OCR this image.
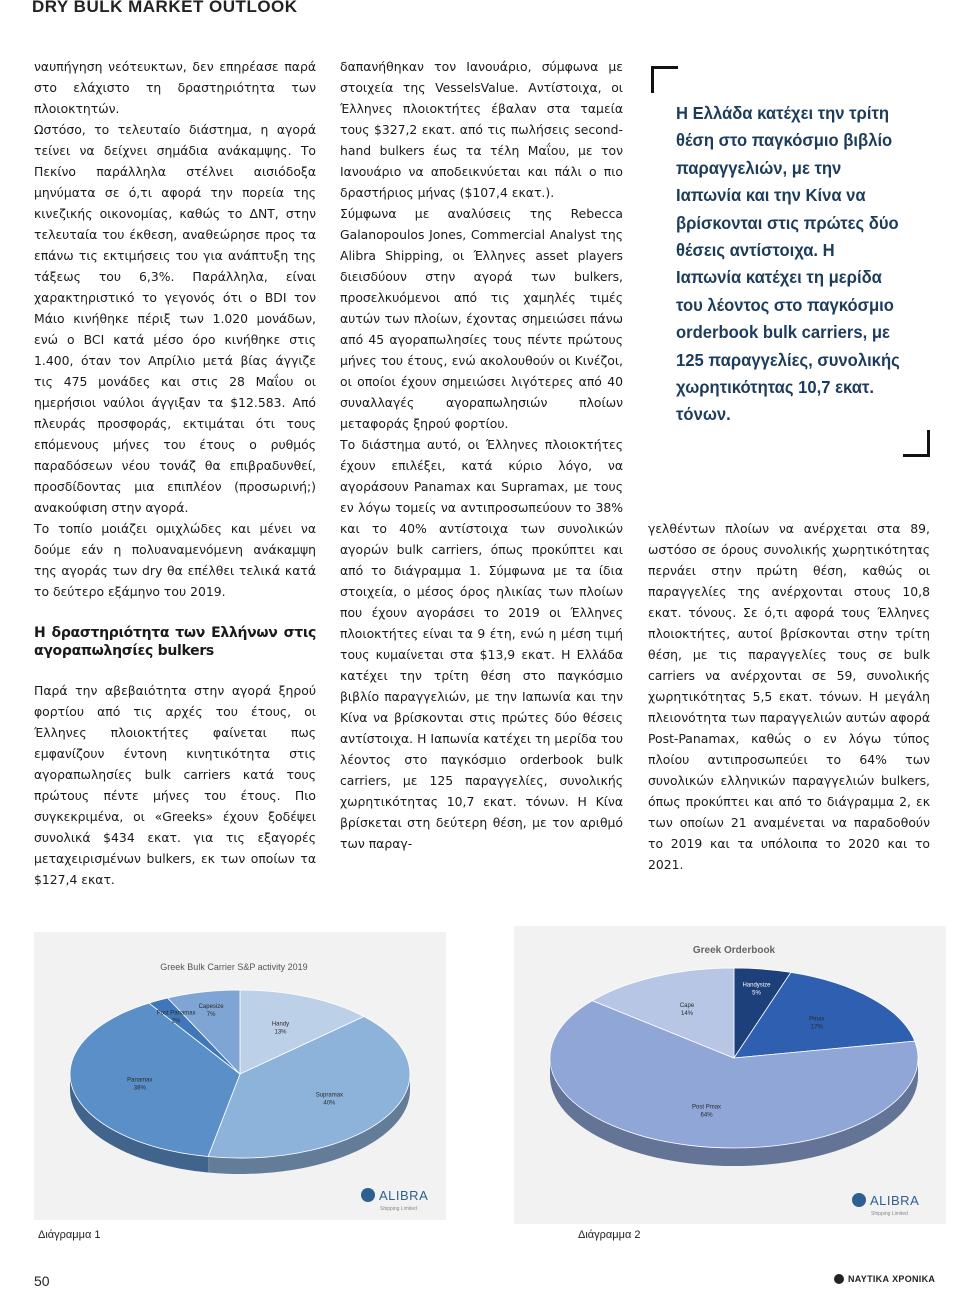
DRY BULK MARKET OUTLOOK

ναυπήγηση νεότευκτων, δεν επηρέασε παρά στο ελάχιστο τη δραστηριότητα των πλοιοκτητών.

Ωστόσο, το τελευταίο διάστημα, η αγορά τείνει να δείχνει σημάδια ανάκαμψης. Το Πεκίνο παράλληλα στέλνει αισιόδοξα μηνύματα σε ό,τι αφορά την πορεία της κινεζικής οικονομίας, καθώς το ΔΝΤ, στην τελευταία του έκθεση, αναθεώρησε προς τα επάνω τις εκτιμήσεις του για ανάπτυξη της τάξεως του 6,3%. Παράλληλα, είναι χαρακτηριστικό το γεγονός ότι ο BDI τον Μάιο κινήθηκε πέριξ των 1.020 μονάδων, ενώ ο BCI κατά μέσο όρο κινήθηκε στις 1.400, όταν τον Απρίλιο μετά βίας άγγιζε τις 475 μονάδες και στις 28 Μαΐου οι ημερήσιοι ναύλοι άγγιξαν τα $12.583. Από πλευράς προσφοράς, εκτιμάται ότι τους επόμενους μήνες του έτους ο ρυθμός παραδόσεων νέου τονάζ θα επιβραδυνθεί, προσδίδοντας μια επιπλέον (προσωρινή;) ανακούφιση στην αγορά.

Το τοπίο μοιάζει ομιχλώδες και μένει να δούμε εάν η πολυαναμενόμενη ανάκαμψη της αγοράς των dry θα επέλθει τελικά κατά το δεύτερο εξάμηνο του 2019.

Η δραστηριότητα των Ελλήνων στις αγοραπωλησίες bulkers

Παρά την αβεβαιότητα στην αγορά ξηρού φορτίου από τις αρχές του έτους, οι Έλληνες πλοιοκτήτες φαίνεται πως εμφανίζουν έντονη κινητικότητα στις αγοραπωλησίες bulk carriers κατά τους πρώτους πέντε μήνες του έτους. Πιο συγκεκριμένα, οι «Greeks» έχουν ξοδέψει συνολικά $434 εκατ. για τις εξαγορές μεταχειρισμένων bulkers, εκ των οποίων τα $127,4 εκατ.

δαπανήθηκαν τον Ιανουάριο, σύμφωνα με στοιχεία της VesselsValue. Αντίστοιχα, οι Έλληνες πλοιοκτήτες έβαλαν στα ταμεία τους $327,2 εκατ. από τις πωλήσεις second-hand bulkers έως τα τέλη Μαΐου, με τον Ιανουάριο να αποδεικνύεται και πάλι ο πιο δραστήριος μήνας ($107,4 εκατ.).

Σύμφωνα με αναλύσεις της Rebecca Galanopoulos Jones, Commercial Analyst της Alibra Shipping, οι Έλληνες asset players διεισδύουν στην αγορά των bulkers, προσελκυόμενοι από τις χαμηλές τιμές αυτών των πλοίων, έχοντας σημειώσει πάνω από 45 αγοραπωλησίες τους πέντε πρώτους μήνες του έτους, ενώ ακολουθούν οι Κινέζοι, οι οποίοι έχουν σημειώσει λιγότερες από 40 συναλλαγές αγοραπωλησιών πλοίων μεταφοράς ξηρού φορτίου.

Το διάστημα αυτό, οι Έλληνες πλοιοκτήτες έχουν επιλέξει, κατά κύριο λόγο, να αγοράσουν Panamax και Supramax, με τους εν λόγω τομείς να αντιπροσωπεύουν το 38% και το 40% αντίστοιχα των συνολικών αγορών bulk carriers, όπως προκύπτει και από το διάγραμμα 1. Σύμφωνα με τα ίδια στοιχεία, ο μέσος όρος ηλικίας των πλοίων που έχουν αγοράσει το 2019 οι Έλληνες πλοιοκτήτες είναι τα 9 έτη, ενώ η μέση τιμή τους κυμαίνεται στα $13,9 εκατ. Η Ελλάδα κατέχει την τρίτη θέση στο παγκόσμιο βιβλίο παραγγελιών, με την Ιαπωνία και την Κίνα να βρίσκονται στις πρώτες δύο θέσεις αντίστοιχα. Η Ιαπωνία κατέχει τη μερίδα του λέοντος στο παγκόσμιο orderbook bulk carriers, με 125 παραγγελίες, συνολικής χωρητικότητας 10,7 εκατ. τόνων. Η Κίνα βρίσκεται στη δεύτερη θέση, με τον αριθμό των παραγ-

Η Ελλάδα κατέχει την τρίτη θέση στο παγκόσμιο βιβλίο παραγγελιών, με την Ιαπωνία και την Κίνα να βρίσκονται στις πρώτες δύο θέσεις αντίστοιχα. Η Ιαπωνία κατέχει τη μερίδα του λέοντος στο παγκόσμιο orderbook bulk carriers, με 125 παραγγελίες, συνολικής χωρητικότητας 10,7 εκατ. τόνων.

γελθέντων πλοίων να ανέρχεται στα 89, ωστόσο σε όρους συνολικής χωρητικότητας περνάει στην πρώτη θέση, καθώς οι παραγγελίες της ανέρχονται στους 10,8 εκατ. τόνους. Σε ό,τι αφορά τους Έλληνες πλοιοκτήτες, αυτοί βρίσκονται στην τρίτη θέση, με τις παραγγελίες τους σε bulk carriers να ανέρχονται σε 59, συνολικής χωρητικότητας 5,5 εκατ. τόνων. Η μεγάλη πλειονότητα των παραγγελιών αυτών αφορά Post-Panamax, καθώς ο εν λόγω τύπος πλοίου αντιπροσωπεύει το 64% των συνολικών ελληνικών παραγγελιών bulkers, όπως προκύπτει και από το διάγραμμα 2, εκ των οποίων 21 αναμένεται να παραδοθούν το 2019 και τα υπόλοιπα το 2020 και το 2021.

Greek Bulk Carrier S&P activity 2019
Handy
13%
Supramax
40%
Panamax
38%
Post Panamax
2%
Capesize
7%
ALIBRA
Shipping Limited
Greek Orderbook
Handysize
5%
Pmax
17%
Post Pmax
64%
Cape
14%
ALIBRA
Shipping Limited
Διάγραμμα 1	Διάγραμμα 2
50	ΝΑΥΤΙΚΑ ΧΡΟΝΙΚΑ
